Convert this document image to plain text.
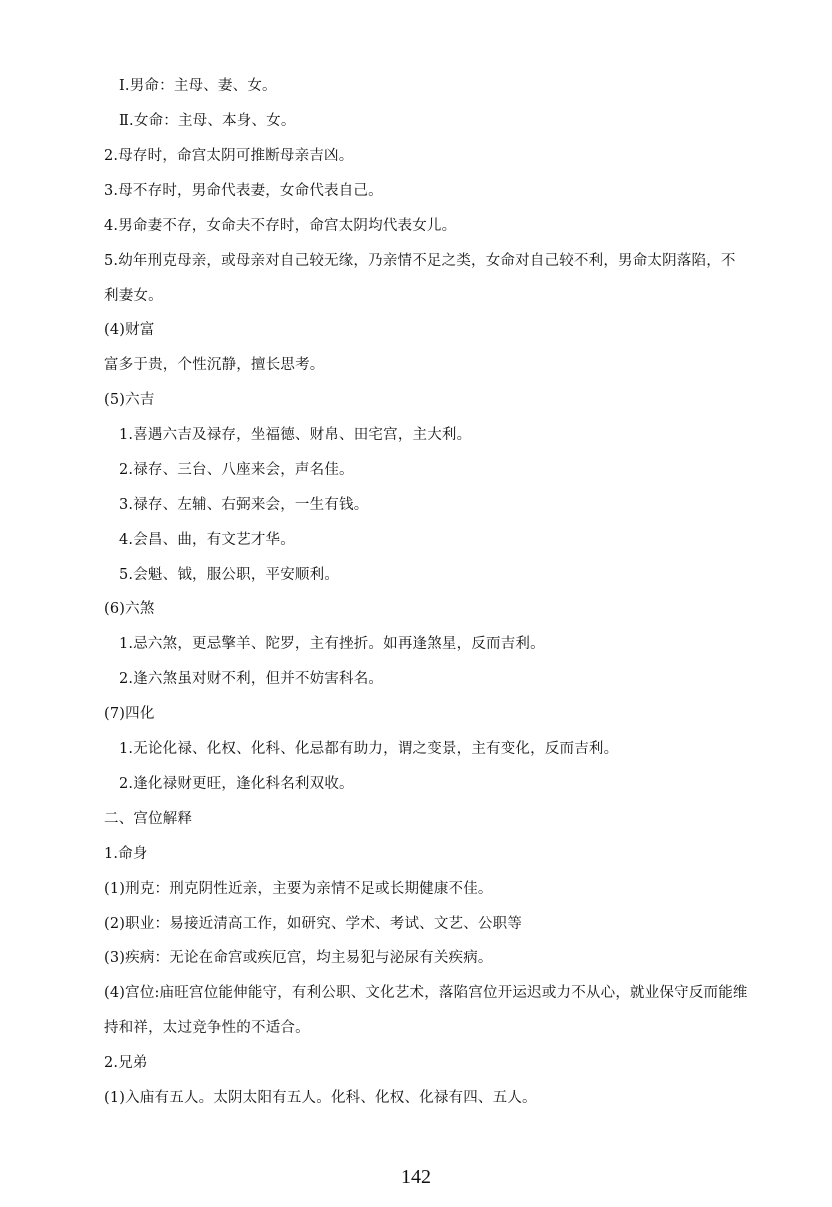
Ⅰ.男命：主母、妻、女。
Ⅱ.女命：主母、本身、女。
2.母存时，命宫太阴可推断母亲吉凶。
3.母不存时，男命代表妻，女命代表自己。
4.男命妻不存，女命夫不存时，命宫太阴均代表女儿。
5.幼年刑克母亲，或母亲对自己较无缘，乃亲情不足之类，女命对自己较不利，男命太阴落陷，不
利妻女。
(4)财富
富多于贵，个性沉静，擅长思考。
(5)六吉
1.喜遇六吉及禄存，坐福德、财帛、田宅宫，主大利。
2.禄存、三台、八座来会，声名佳。
3.禄存、左辅、右弼来会，一生有钱。
4.会昌、曲，有文艺才华。
5.会魁、钺，服公职，平安顺利。
(6)六煞
1.忌六煞，更忌擎羊、陀罗，主有挫折。如再逢煞星，反而吉利。
2.逢六煞虽对财不利，但并不妨害科名。
(7)四化
1.无论化禄、化权、化科、化忌都有助力，谓之变景，主有变化，反而吉利。
2.逢化禄财更旺，逢化科名利双收。
二、宫位解释
1.命身
(1)刑克：刑克阴性近亲，主要为亲情不足或长期健康不佳。
(2)职业：易接近清高工作，如研究、学术、考试、文艺、公职等
(3)疾病：无论在命宫或疾厄宫，均主易犯与泌尿有关疾病。
(4)宫位:庙旺宫位能伸能守，有利公职、文化艺术，落陷宫位开运迟或力不从心，就业保守反而能维
持和祥，太过竞争性的不适合。
2.兄弟
(1)入庙有五人。太阴太阳有五人。化科、化权、化禄有四、五人。
142
